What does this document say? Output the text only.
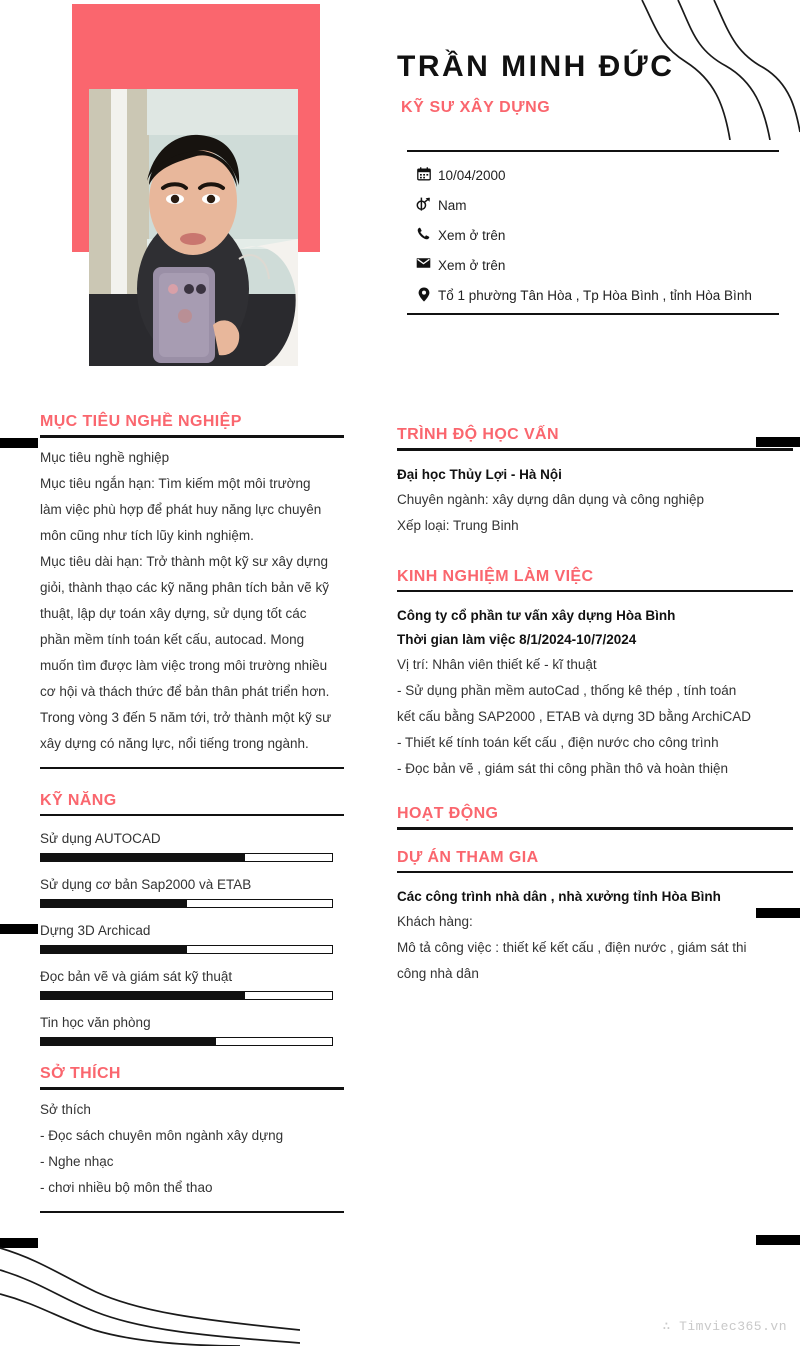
TRẦN MINH ĐỨC
KỸ SƯ XÂY DỰNG
10/04/2000
Nam
Xem ở trên
Xem ở trên
Tổ 1 phường Tân Hòa , Tp Hòa Bình , tỉnh Hòa Bình
MỤC TIÊU NGHỀ NGHIỆP
Mục tiêu nghề nghiệp
Mục tiêu ngắn hạn: Tìm kiếm một môi trường
làm việc phù hợp để phát huy năng lực chuyên
môn cũng như tích lũy kinh nghiệm.
Mục tiêu dài hạn: Trở thành một kỹ sư xây dựng
giỏi, thành thạo các kỹ năng phân tích bản vẽ kỹ
thuật, lập dự toán xây dựng, sử dụng tốt các
phần mềm tính toán kết cấu, autocad. Mong
muốn tìm được làm việc trong môi trường nhiều
cơ hội và thách thức để bản thân phát triển hơn.
Trong vòng 3 đến 5 năm tới, trở thành một kỹ sư
xây dựng có năng lực, nổi tiếng trong ngành.
KỸ NĂNG
Sử dụng AUTOCAD
Sử dụng cơ bản Sap2000 và ETAB
Dựng 3D Archicad
Đọc bản vẽ và giám sát kỹ thuật
Tin học văn phòng
SỞ THÍCH
Sở thích
- Đọc sách chuyên môn ngành xây dựng
- Nghe nhạc
- chơi nhiều bộ môn thể thao
TRÌNH ĐỘ HỌC VẤN
Đại học Thủy Lợi - Hà Nội
Chuyên ngành: xây dựng dân dụng và công nghiệp
Xếp loại: Trung Binh
KINH NGHIỆM LÀM VIỆC
Công ty cổ phần tư vấn xây dựng Hòa Bình
Thời gian làm việc 8/1/2024-10/7/2024
Vị trí: Nhân viên thiết kế - kĩ thuật
- Sử dụng phần mềm autoCad , thống kê thép , tính toán
kết cấu bằng SAP2000 , ETAB và dựng 3D bằng ArchiCAD
- Thiết kế tính toán kết cấu , điện nước cho công trình
- Đọc bản vẽ , giám sát thi công phần thô và hoàn thiện
HOẠT ĐỘNG
DỰ ÁN THAM GIA
Các công trình nhà dân , nhà xưởng tỉnh Hòa Bình
Khách hàng:
Mô tả công việc : thiết kế kết cấu , điện nước , giám sát thi
công nhà dân
∴ Timviec365.vn
